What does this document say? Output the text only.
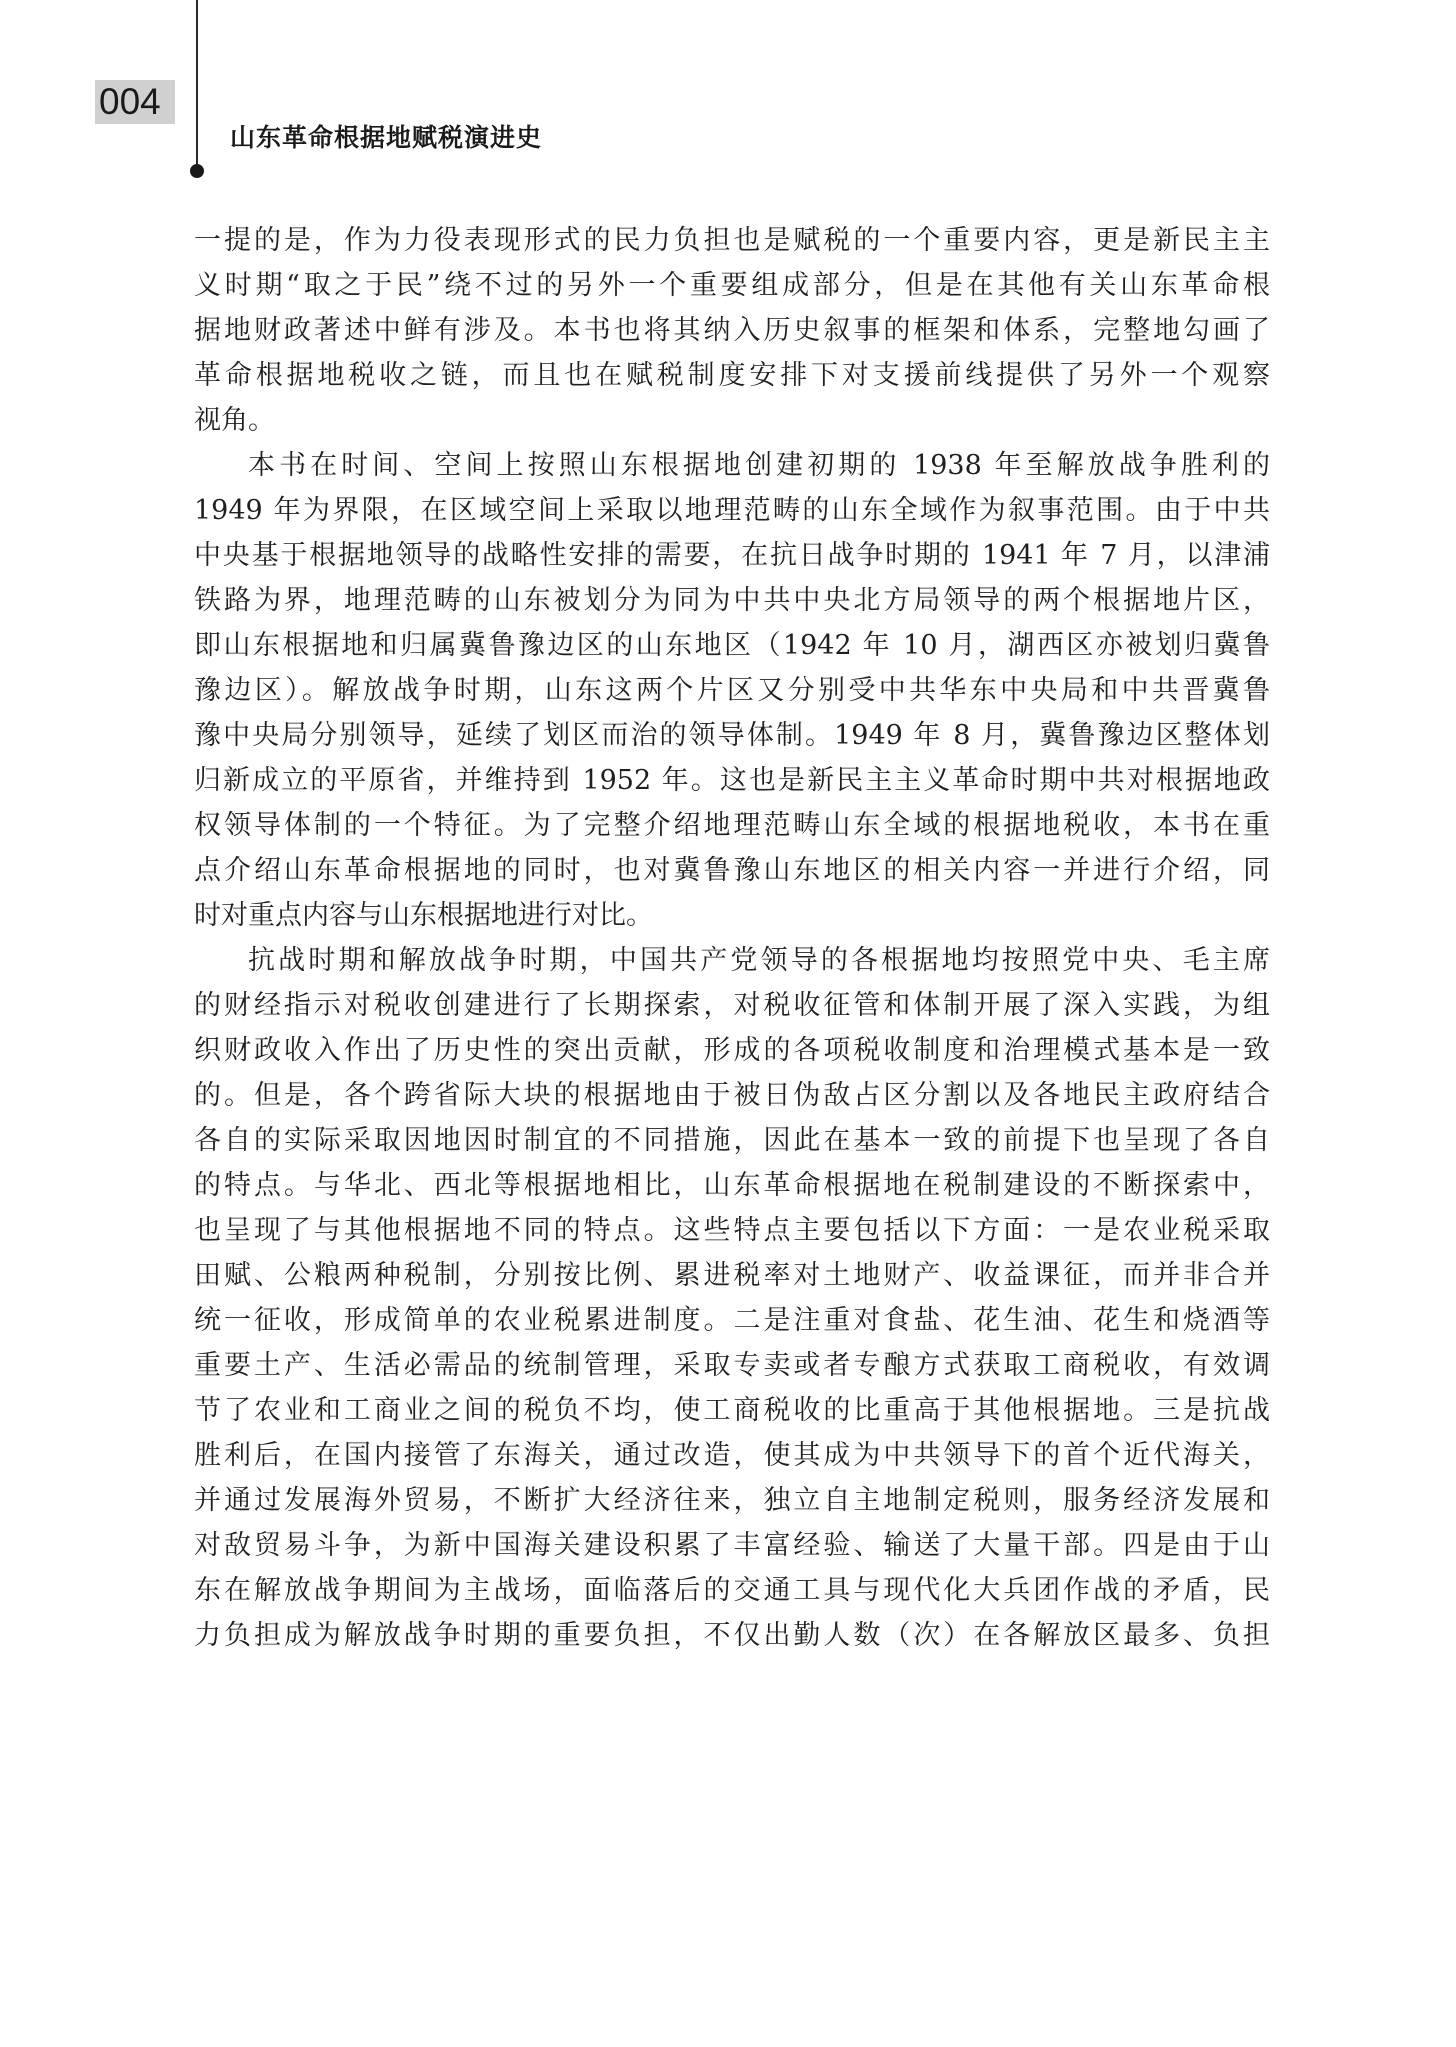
004
山东革命根据地赋税演进史
一提的是，作为力役表现形式的民力负担也是赋税的一个重要内容，更是新民主主
义时期“取之于民”绕不过的另外一个重要组成部分，但是在其他有关山东革命根
据地财政著述中鲜有涉及。本书也将其纳入历史叙事的框架和体系，完整地勾画了
革命根据地税收之链，而且也在赋税制度安排下对支援前线提供了另外一个观察
视角。
本书在时间、空间上按照山东根据地创建初期的 1938 年至解放战争胜利的
1949 年为界限，在区域空间上采取以地理范畴的山东全域作为叙事范围。由于中共
中央基于根据地领导的战略性安排的需要，在抗日战争时期的 1941 年 7 月，以津浦
铁路为界，地理范畴的山东被划分为同为中共中央北方局领导的两个根据地片区，
即山东根据地和归属冀鲁豫边区的山东地区（1942 年 10 月，湖西区亦被划归冀鲁
豫边区）。解放战争时期，山东这两个片区又分别受中共华东中央局和中共晋冀鲁
豫中央局分别领导，延续了划区而治的领导体制。1949 年 8 月，冀鲁豫边区整体划
归新成立的平原省，并维持到 1952 年。这也是新民主主义革命时期中共对根据地政
权领导体制的一个特征。为了完整介绍地理范畴山东全域的根据地税收，本书在重
点介绍山东革命根据地的同时，也对冀鲁豫山东地区的相关内容一并进行介绍，同
时对重点内容与山东根据地进行对比。
抗战时期和解放战争时期，中国共产党领导的各根据地均按照党中央、毛主席
的财经指示对税收创建进行了长期探索，对税收征管和体制开展了深入实践，为组
织财政收入作出了历史性的突出贡献，形成的各项税收制度和治理模式基本是一致
的。但是，各个跨省际大块的根据地由于被日伪敌占区分割以及各地民主政府结合
各自的实际采取因地因时制宜的不同措施，因此在基本一致的前提下也呈现了各自
的特点。与华北、西北等根据地相比，山东革命根据地在税制建设的不断探索中，
也呈现了与其他根据地不同的特点。这些特点主要包括以下方面：一是农业税采取
田赋、公粮两种税制，分别按比例、累进税率对土地财产、收益课征，而并非合并
统一征收，形成简单的农业税累进制度。二是注重对食盐、花生油、花生和烧酒等
重要土产、生活必需品的统制管理，采取专卖或者专酿方式获取工商税收，有效调
节了农业和工商业之间的税负不均，使工商税收的比重高于其他根据地。三是抗战
胜利后，在国内接管了东海关，通过改造，使其成为中共领导下的首个近代海关，
并通过发展海外贸易，不断扩大经济往来，独立自主地制定税则，服务经济发展和
对敌贸易斗争，为新中国海关建设积累了丰富经验、输送了大量干部。四是由于山
东在解放战争期间为主战场，面临落后的交通工具与现代化大兵团作战的矛盾，民
力负担成为解放战争时期的重要负担，不仅出勤人数（次）在各解放区最多、负担
